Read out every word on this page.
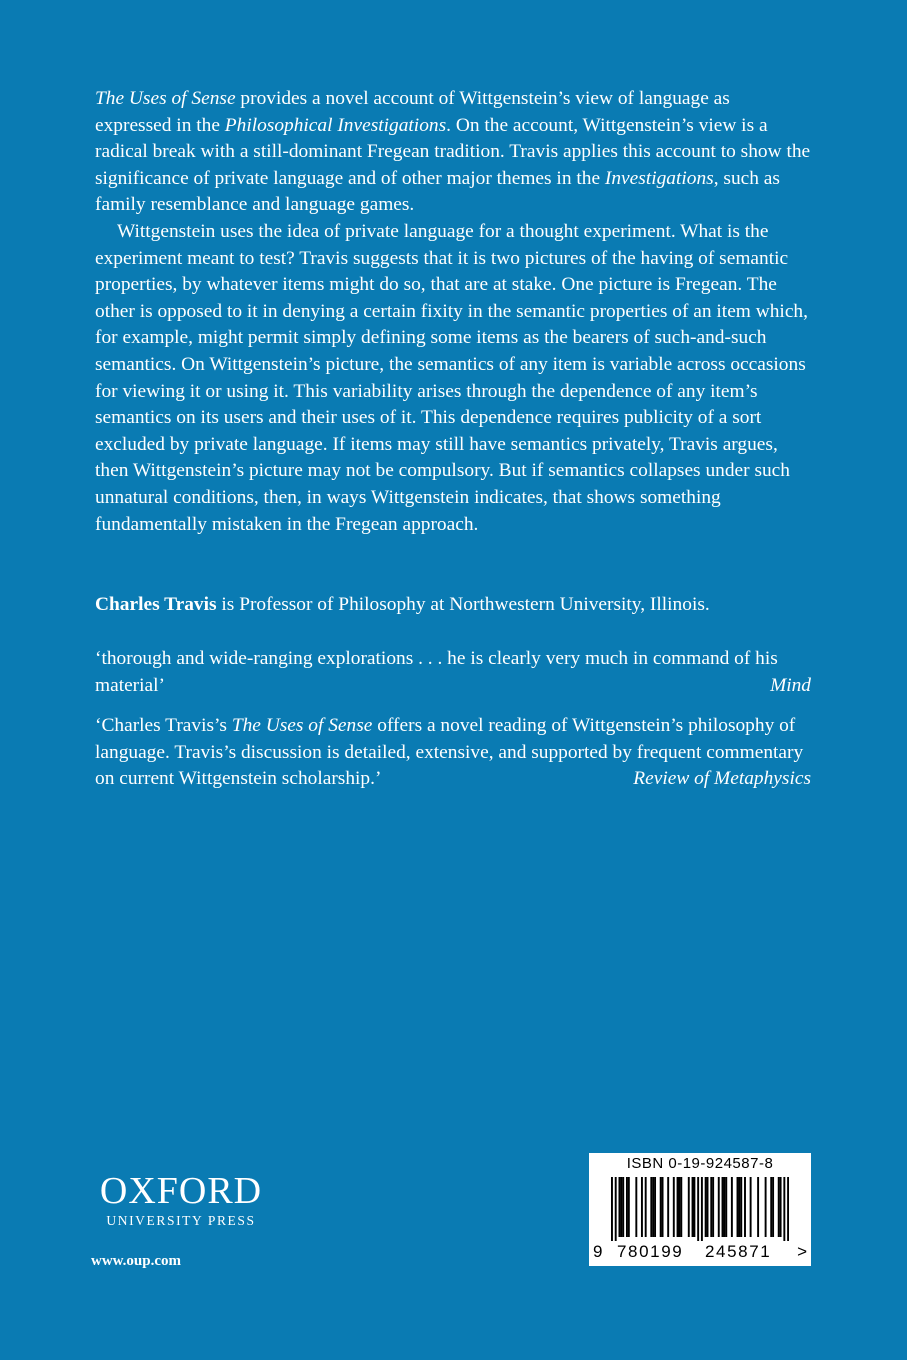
The Uses of Sense provides a novel account of Wittgenstein’s view of language as expressed in the Philosophical Investigations. On the account, Wittgenstein’s view is a radical break with a still-dominant Fregean tradition. Travis applies this account to show the significance of private language and of other major themes in the Investigations, such as family resemblance and language games.

Wittgenstein uses the idea of private language for a thought experiment. What is the experiment meant to test? Travis suggests that it is two pictures of the having of semantic properties, by whatever items might do so, that are at stake. One picture is Fregean. The other is opposed to it in denying a certain fixity in the semantic properties of an item which, for example, might permit simply defining some items as the bearers of such-and-such semantics. On Wittgenstein’s picture, the semantics of any item is variable across occasions for viewing it or using it. This variability arises through the dependence of any item’s semantics on its users and their uses of it. This dependence requires publicity of a sort excluded by private language. If items may still have semantics privately, Travis argues, then Wittgenstein’s picture may not be compulsory. But if semantics collapses under such unnatural conditions, then, in ways Wittgenstein indicates, that shows something fundamentally mistaken in the Fregean approach.

Charles Travis is Professor of Philosophy at Northwestern University, Illinois.

‘thorough and wide-ranging explorations . . . he is clearly very much in command of his material’	Mind
‘Charles Travis’s The Uses of Sense offers a novel reading of Wittgenstein’s philosophy of language. Travis’s discussion is detailed, extensive, and supported by frequent commentary on current Wittgenstein scholarship.’	Review of Metaphysics
OXFORD
UNIVERSITY PRESS
www.oup.com
ISBN 0-19-924587-8
9 780199 245871 >
